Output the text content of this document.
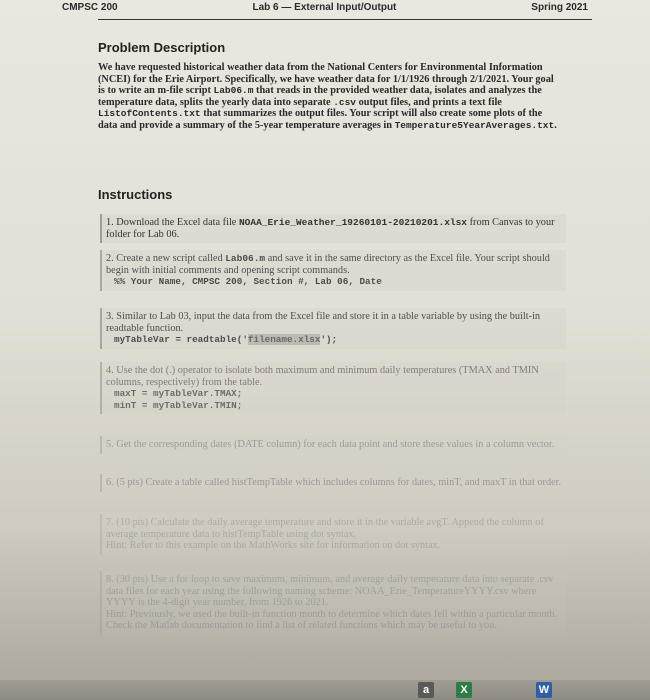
CMPSC 200	Lab 6 — External Input/Output	Spring 2021
Problem Description
We have requested historical weather data from the National Centers for Environmental Information (NCEI) for the Erie Airport. Specifically, we have weather data for 1/1/1926 through 2/1/2021. Your goal is to write an m-file script Lab06.m that reads in the provided weather data, isolates and analyzes the temperature data, splits the yearly data into separate .csv output files, and prints a text file ListofContents.txt that summarizes the output files. Your script will also create some plots of the data and provide a summary of the 5-year temperature averages in Temperature5YearAverages.txt.
Instructions
1. Download the Excel data file NOAA_Erie_Weather_19260101-20210201.xlsx from Canvas to your folder for Lab 06.
2. Create a new script called Lab06.m and save it in the same directory as the Excel file. Your script should begin with initial comments and opening script commands.
%% Your Name, CMPSC 200, Section #, Lab 06, Date
3. Similar to Lab 03, input the data from the Excel file and store it in a table variable by using the built-in readtable function.
myTableVar = readtable('filename.xlsx');
4. Use the dot (.) operator to isolate both maximum and minimum daily temperatures (TMAX and TMIN columns, respectively) from the table.
maxT = myTableVar.TMAX;
minT = myTableVar.TMIN;
5. Get the corresponding dates (DATE column) for each data point and store these values in a column vector.
6. (5 pts) Create a table called histTempTable which includes columns for dates, minT, and maxT in that order.
7. (10 pts) Calculate the daily average temperature and store it in the variable avgT. Append the column of average temperature data to histTempTable using dot syntax.
Hint: Refer to this example on the MathWorks site for information on dot syntax.
8. (30 pts) Use a for loop to save maximum, minimum, and average daily temperature data into separate .csv data files for each year using the following naming scheme: NOAA_Erie_TemperatureYYYY.csv where YYYY is the 4-digit year number, from 1926 to 2021.
Hint: Previously, we used the built-in function month to determine which dates fell within a particular month. Check the Matlab documentation to find a list of related functions which may be useful to you.
a	X	W
